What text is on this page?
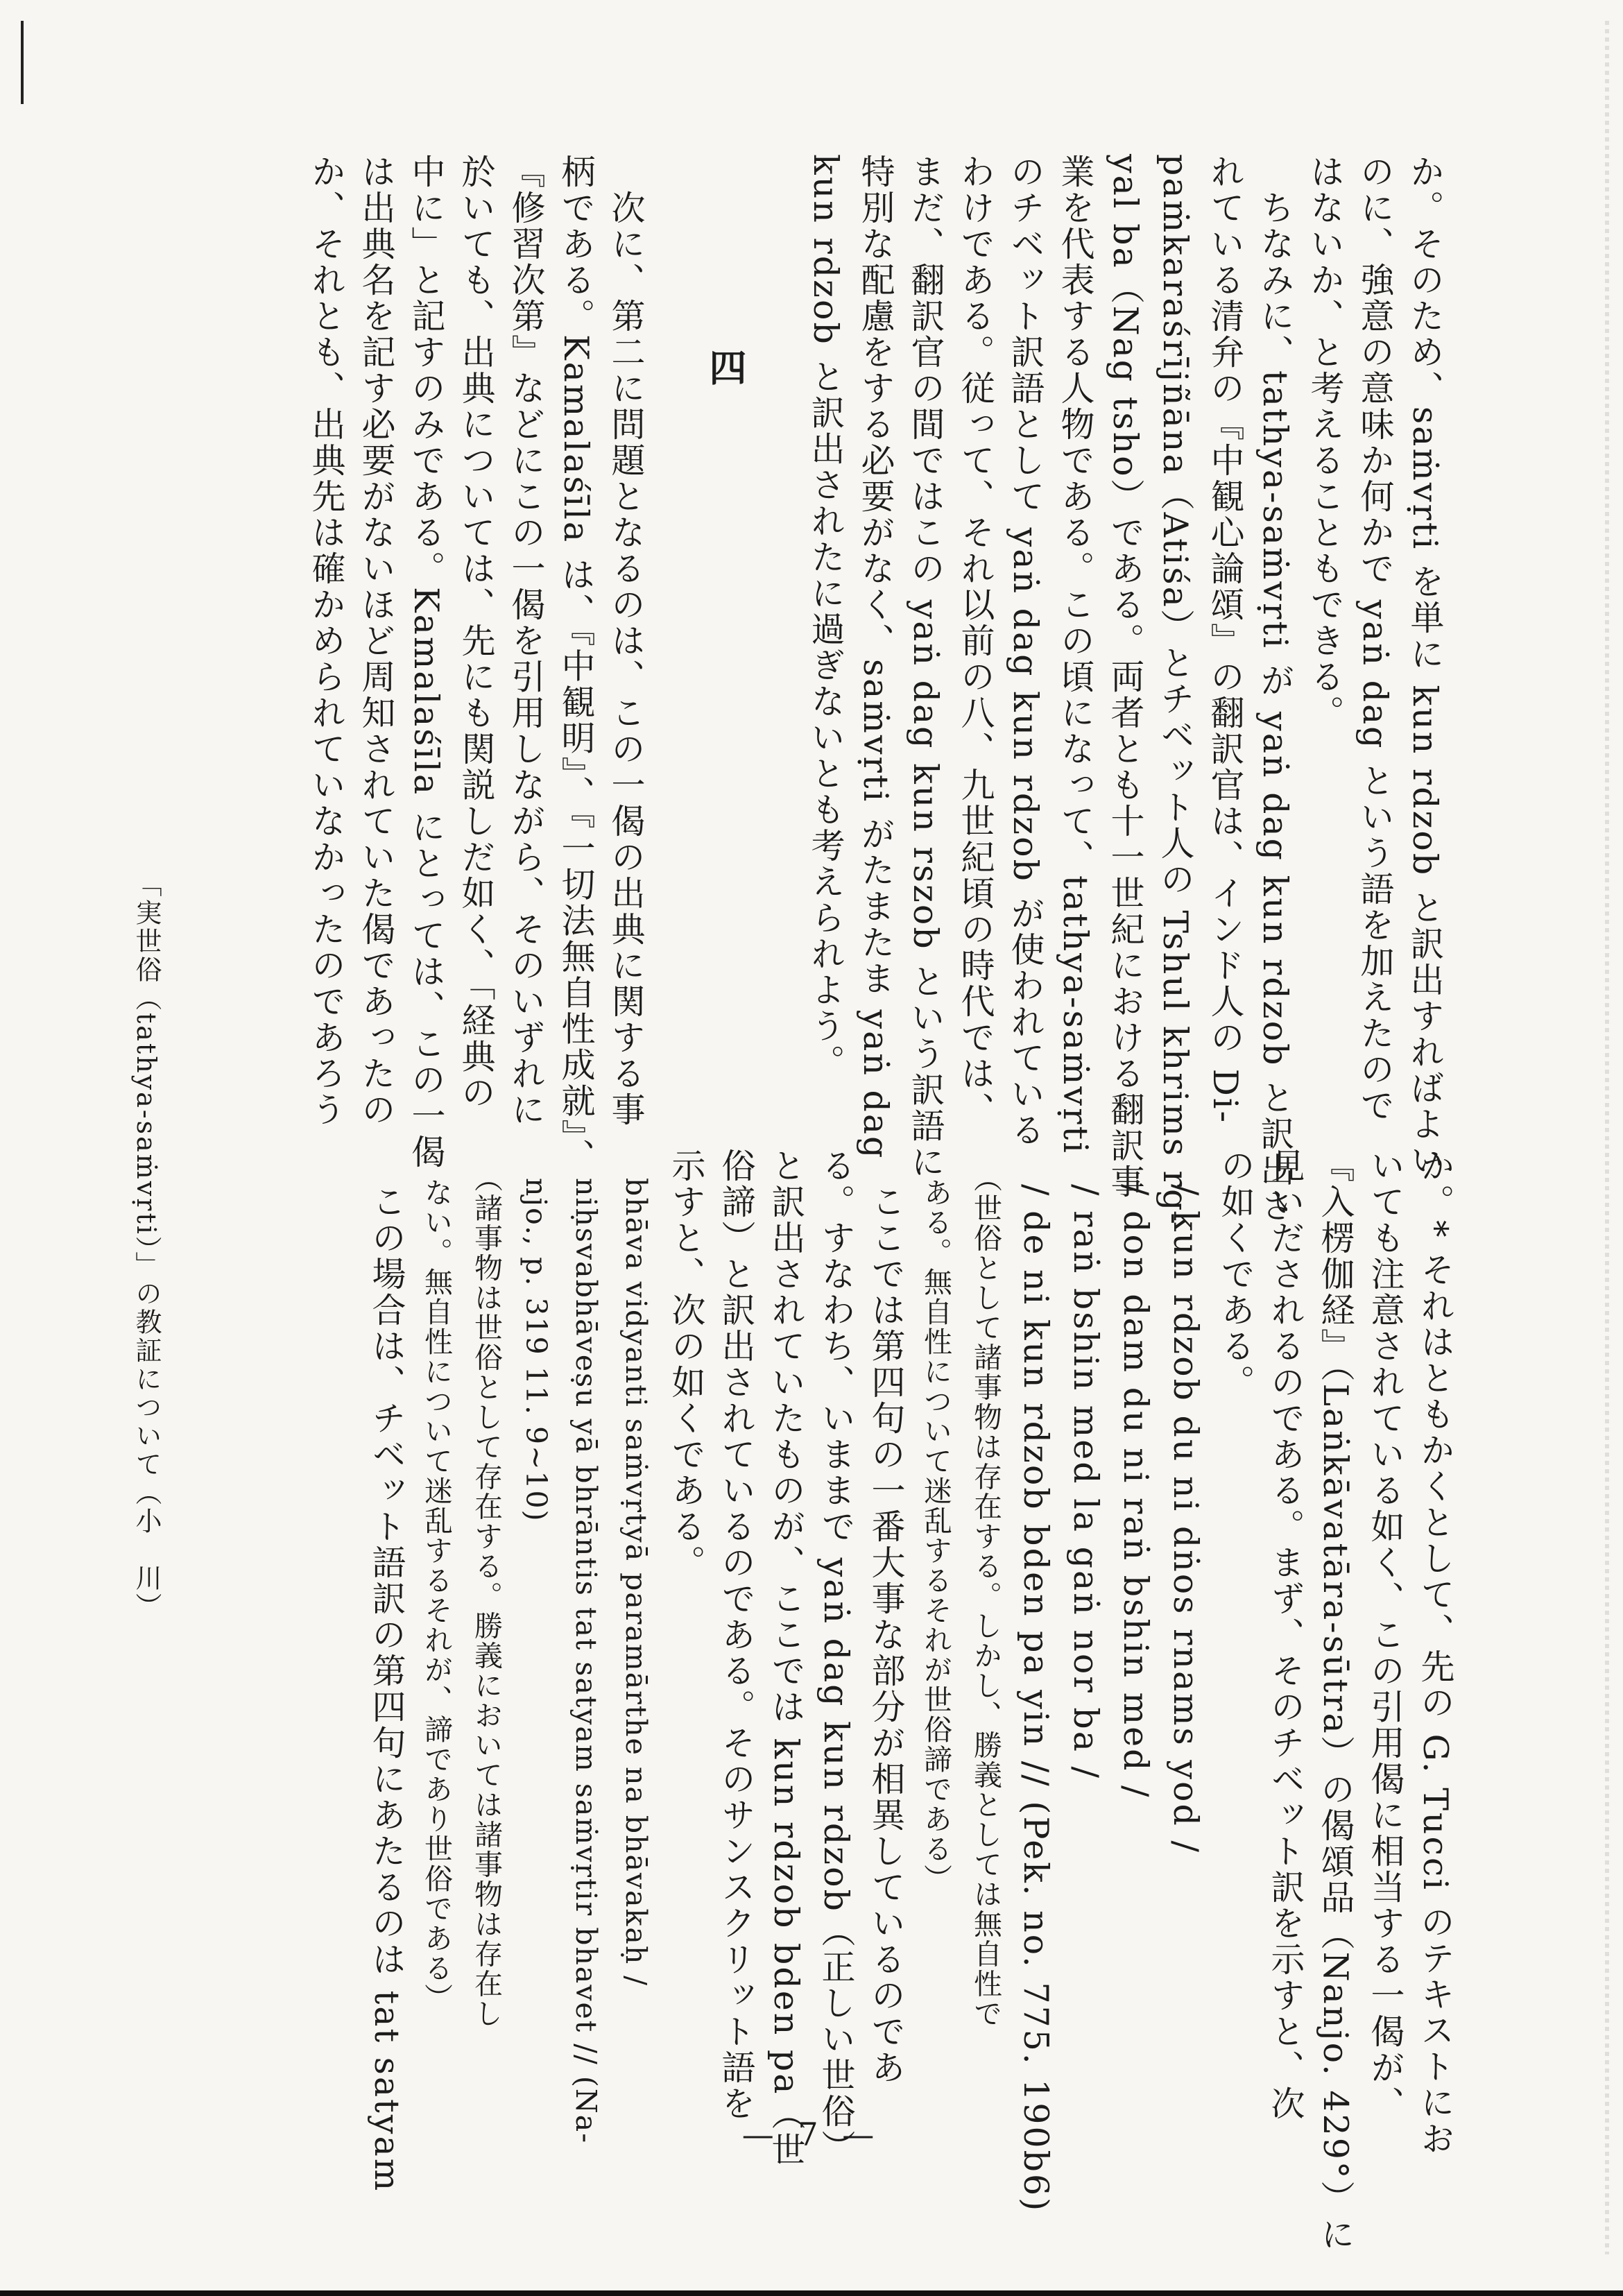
か。そのため、saṁvṛti を単に kun rdzob と訳出すればよい
のに、強意の意味か何かで yaṅ dag という語を加えたので
はないか、と考えることもできる。
　ちなみに、tathya-saṁvṛti が yaṅ dag kun rdzob と訳出さ
れている清弁の『中観心論頌』の翻訳官は、インド人の Di-
paṁkaraśrījñāna（Atiśa）とチベット人の Tshul khrims rg-
yal ba（Nag tsho）である。両者とも十一世紀における翻訳事
業を代表する人物である。この頃になって、tathya-saṁvṛti
のチベット訳語として yaṅ dag kun rdzob が使われている
わけである。従って、それ以前の八、九世紀頃の時代では、
まだ、翻訳官の間ではこの yaṅ dag kun rszob という訳語に
特別な配慮をする必要がなく、saṁvṛti がたまたま yaṅ dag
kun rdzob と訳出されたに過ぎないとも考えられよう。
四
　次に、第二に問題となるのは、この一偈の出典に関する事
柄である。Kamalaśīla は、『中観明』、『一切法無自性成就』、
『修習次第』などにこの一偈を引用しながら、そのいずれに
於いても、出典については、先にも関説しだ如く、「経典の
中に」と記すのみである。Kamalaśīla にとっては、この一偈
は出典名を記す必要がないほど周知されていた偈であったの
か、それとも、出典先は確かめられていなかったのであろう
「実世俗（tathya-saṁvṛti）」の教証について（小　川）	か。* それはともかくとして、先の G. Tucci のテキストにお
いても注意されている如く、この引用偈に相当する一偈が、
『入楞伽経』（Laṅkāvatāra-sūtra）の偈頌品（Nanjo. 429°）に
見いだされるのである。まず、そのチベット訳を示すと、次
の如くである。
　/ kun rdzob du ni dṅos rnams yod /
　/ don dam du ni raṅ bshin med /
　/ raṅ bshin med la gaṅ nor ba /
　/ de ni kun rdzob bden pa yin // (Pek. no. 775. 190b6)
　（世俗として諸事物は存在する。しかし、勝義としては無自性で
　ある。無自性について迷乱するそれが世俗諦である）
　ここでは第四句の一番大事な部分が相異しているのであ
る。すなわち、いままで yaṅ dag kun rdzob（正しい世俗）
と訳出されていたものが、ここでは kun rdzob bden pa（世
俗諦）と訳出されているのである。そのサンスクリット語を
示すと、次の如くである。
　bhāva vidyanti saṁvṛtyā paramārthe na bhāvakaḥ /
　niḥsvabhāveṣu yā bhrāntis tat satyam saṁvṛtir bhavet // (Na-
　njo., p. 319 11. 9~10)
　（諸事物は世俗として存在する。勝義においては諸事物は存在し
　ない。無自性について迷乱するそれが、諦であり世俗である）
　この場合は、チベット語訳の第四句にあたるのは tat satyam	— 7 —
